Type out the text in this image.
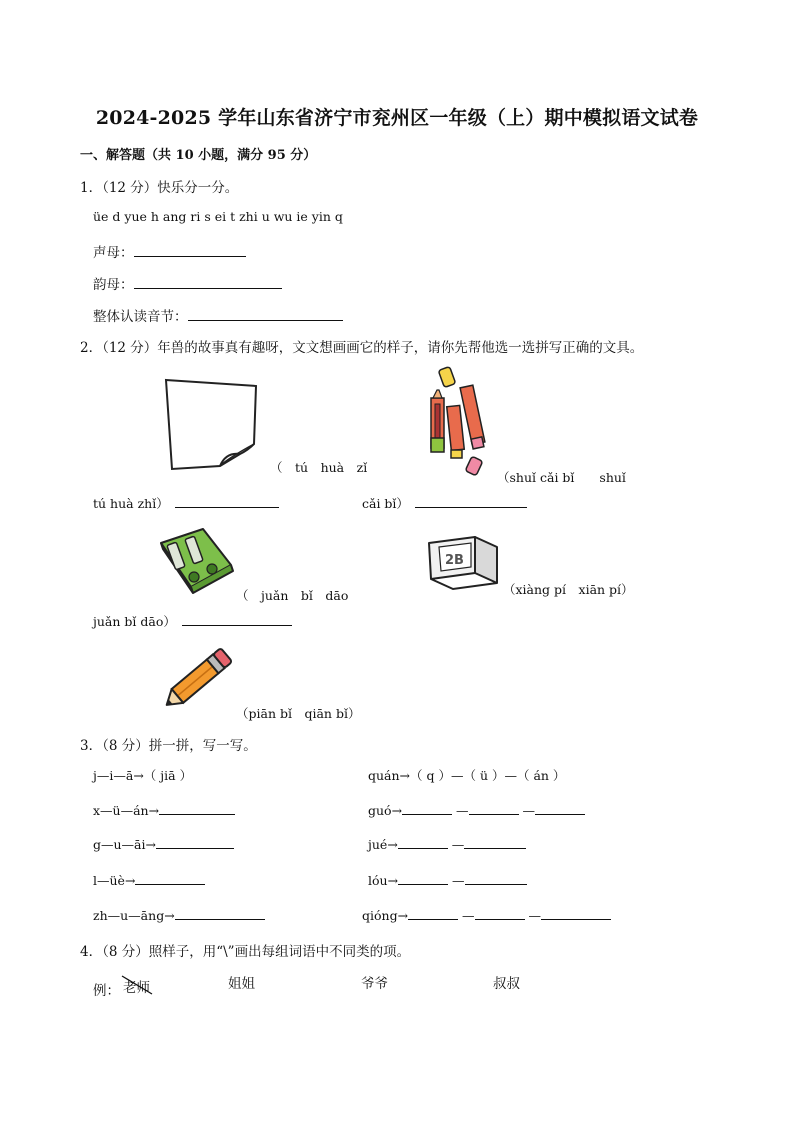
2024-2025 学年山东省济宁市兖州区一年级（上）期中模拟语文试卷
一、解答题（共 10 小题，满分 95 分）
1．（12 分）快乐分一分。
üe d yue h ang ri s ei t zhi u wu ie yin q
声母：
韵母：
整体认读音节：
2．（12 分）年兽的故事真有趣呀，文文想画画它的样子，请你先帮他选一选拼写正确的文具。
（　tú　huà　zǐ
tú huà zhǐ）　
（shuǐ cǎi bǐ　　shuǐ
cǎi bǐ）　
（　juǎn　bǐ　dāo
juǎn bǐ dāo）　
2B
（xiàng pí　xiān pí）
（piān bǐ　qiān bǐ）
3．（8 分）拼一拼，写一写。
j—i—ā→（ jiā ）	quán→（ q ）—（ ü ）—（ án ）
x—ü—án→	guó→	—	—
g—u—āi→	jué→	—
l—üè→	lóu→	—
zh—u—āng→	qióng→	—	—
4．（8 分）照样子，用“\”画出每组词语中不同类的项。
例： 老师	姐姐	爷爷	叔叔
